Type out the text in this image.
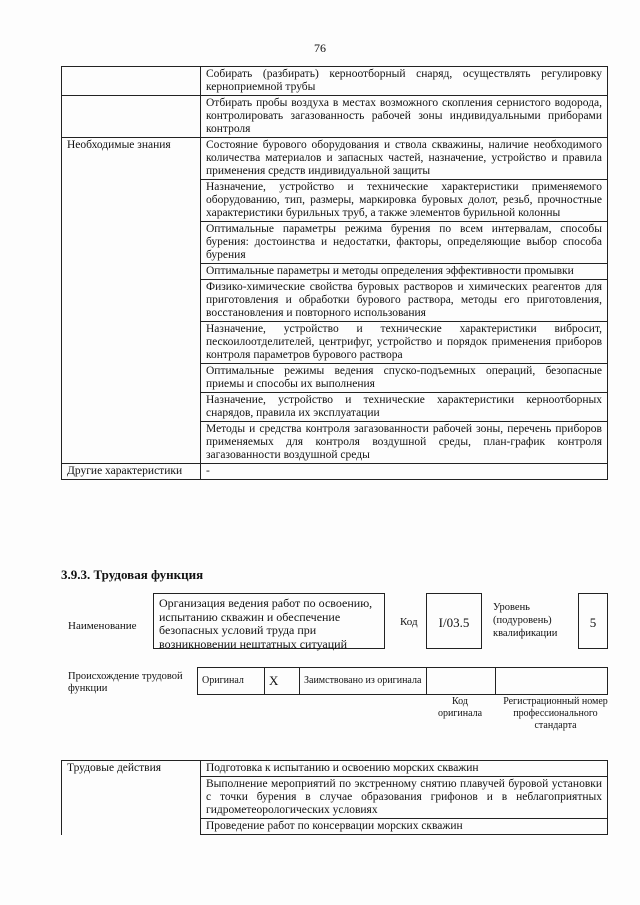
76
	Собирать (разбирать) керноотборный снаряд, осуществлять регулировку керноприемной трубы
	Отбирать пробы воздуха в местах возможного скопления сернистого водорода, контролировать загазованность рабочей зоны индивидуальными приборами контроля
Необходимые знания	Состояние бурового оборудования и ствола скважины, наличие необходимого количества материалов и запасных частей, назначение, устройство и правила применения средств индивидуальной защиты
	Назначение, устройство и технические характеристики применяемого оборудованию, тип, размеры, маркировка буровых долот, резьб, прочностные характеристики бурильных труб, а также элементов бурильной колонны
	Оптимальные параметры режима бурения по всем интервалам, способы бурения: достоинства и недостатки, факторы, определяющие выбор способа бурения
	Оптимальные параметры и методы определения эффективности промывки
	Физико-химические свойства буровых растворов и химических реагентов для приготовления и обработки бурового раствора, методы его приготовления, восстановления и повторного использования
	Назначение, устройство и технические характеристики вибросит, пескоилоотделителей, центрифуг, устройство и порядок применения приборов контроля параметров бурового раствора
	Оптимальные режимы ведения спуско-подъемных операций, безопасные приемы и способы их выполнения
	Назначение, устройство и технические характеристики керноотборных снарядов, правила их эксплуатации
	Методы и средства контроля загазованности рабочей зоны, перечень приборов применяемых для контроля воздушной среды, план-график контроля загазованности воздушной среды
Другие характеристики	-
3.9.3. Трудовая функция
Наименование
Организация ведения работ по освоению, испытанию скважин и обеспечение безопасных условий труда при возникновении нештатных ситуаций
Код	I/03.5
Уровень (подуровень) квалификации
5
Происхождение трудовой функции
Оригинал	X	Заимствовано из оригинала		
Код оригинала
Регистрационный номер профессионального стандарта
Трудовые действия	Подготовка к испытанию и освоению морских скважин
	Выполнение мероприятий по экстренному снятию плавучей буровой установки с точки бурения в случае образования грифонов и в неблагоприятных гидрометеорологических условиях
	Проведение работ по консервации морских скважин
